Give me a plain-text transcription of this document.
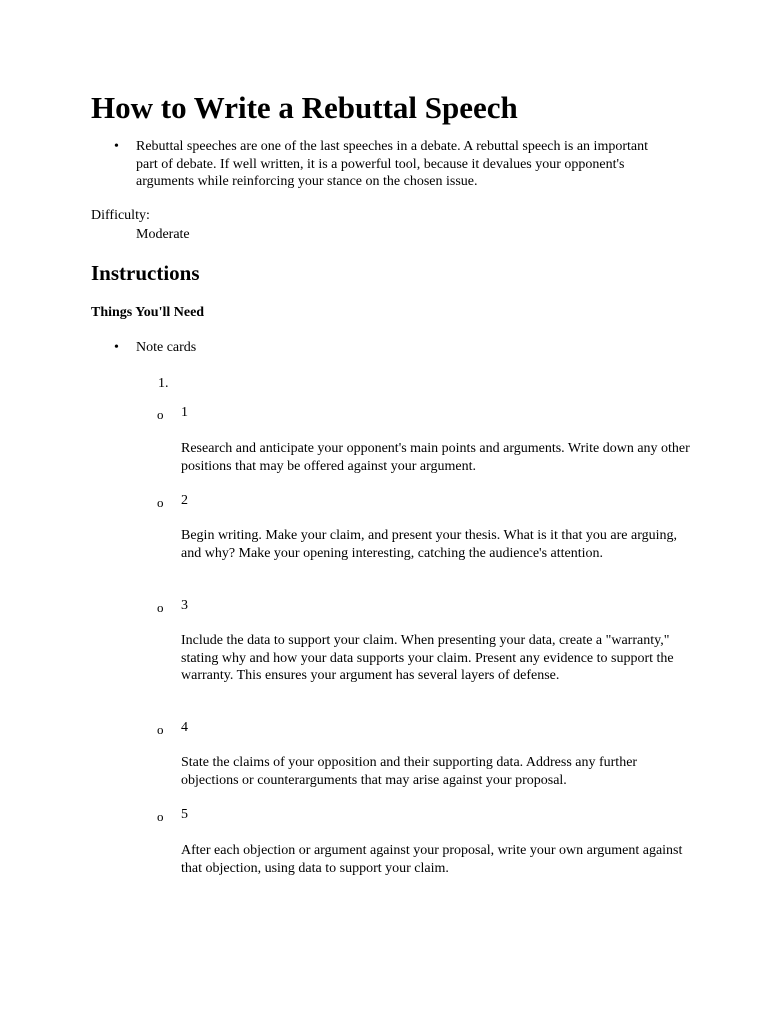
How to Write a Rebuttal Speech
• Rebuttal speeches are one of the last speeches in a debate. A rebuttal speech is an important part of debate. If well written, it is a powerful tool, because it devalues your opponent's arguments while reinforcing your stance on the chosen issue.
Difficulty:
Moderate
Instructions
Things You'll Need
• Note cards
1.
o 1
Research and anticipate your opponent's main points and arguments. Write down any other positions that may be offered against your argument.
o 2
Begin writing. Make your claim, and present your thesis. What is it that you are arguing, and why? Make your opening interesting, catching the audience's attention.
o 3
Include the data to support your claim. When presenting your data, create a "warranty," stating why and how your data supports your claim. Present any evidence to support the warranty. This ensures your argument has several layers of defense.
o 4
State the claims of your opposition and their supporting data. Address any further objections or counterarguments that may arise against your proposal.
o 5
After each objection or argument against your proposal, write your own argument against that objection, using data to support your claim.
